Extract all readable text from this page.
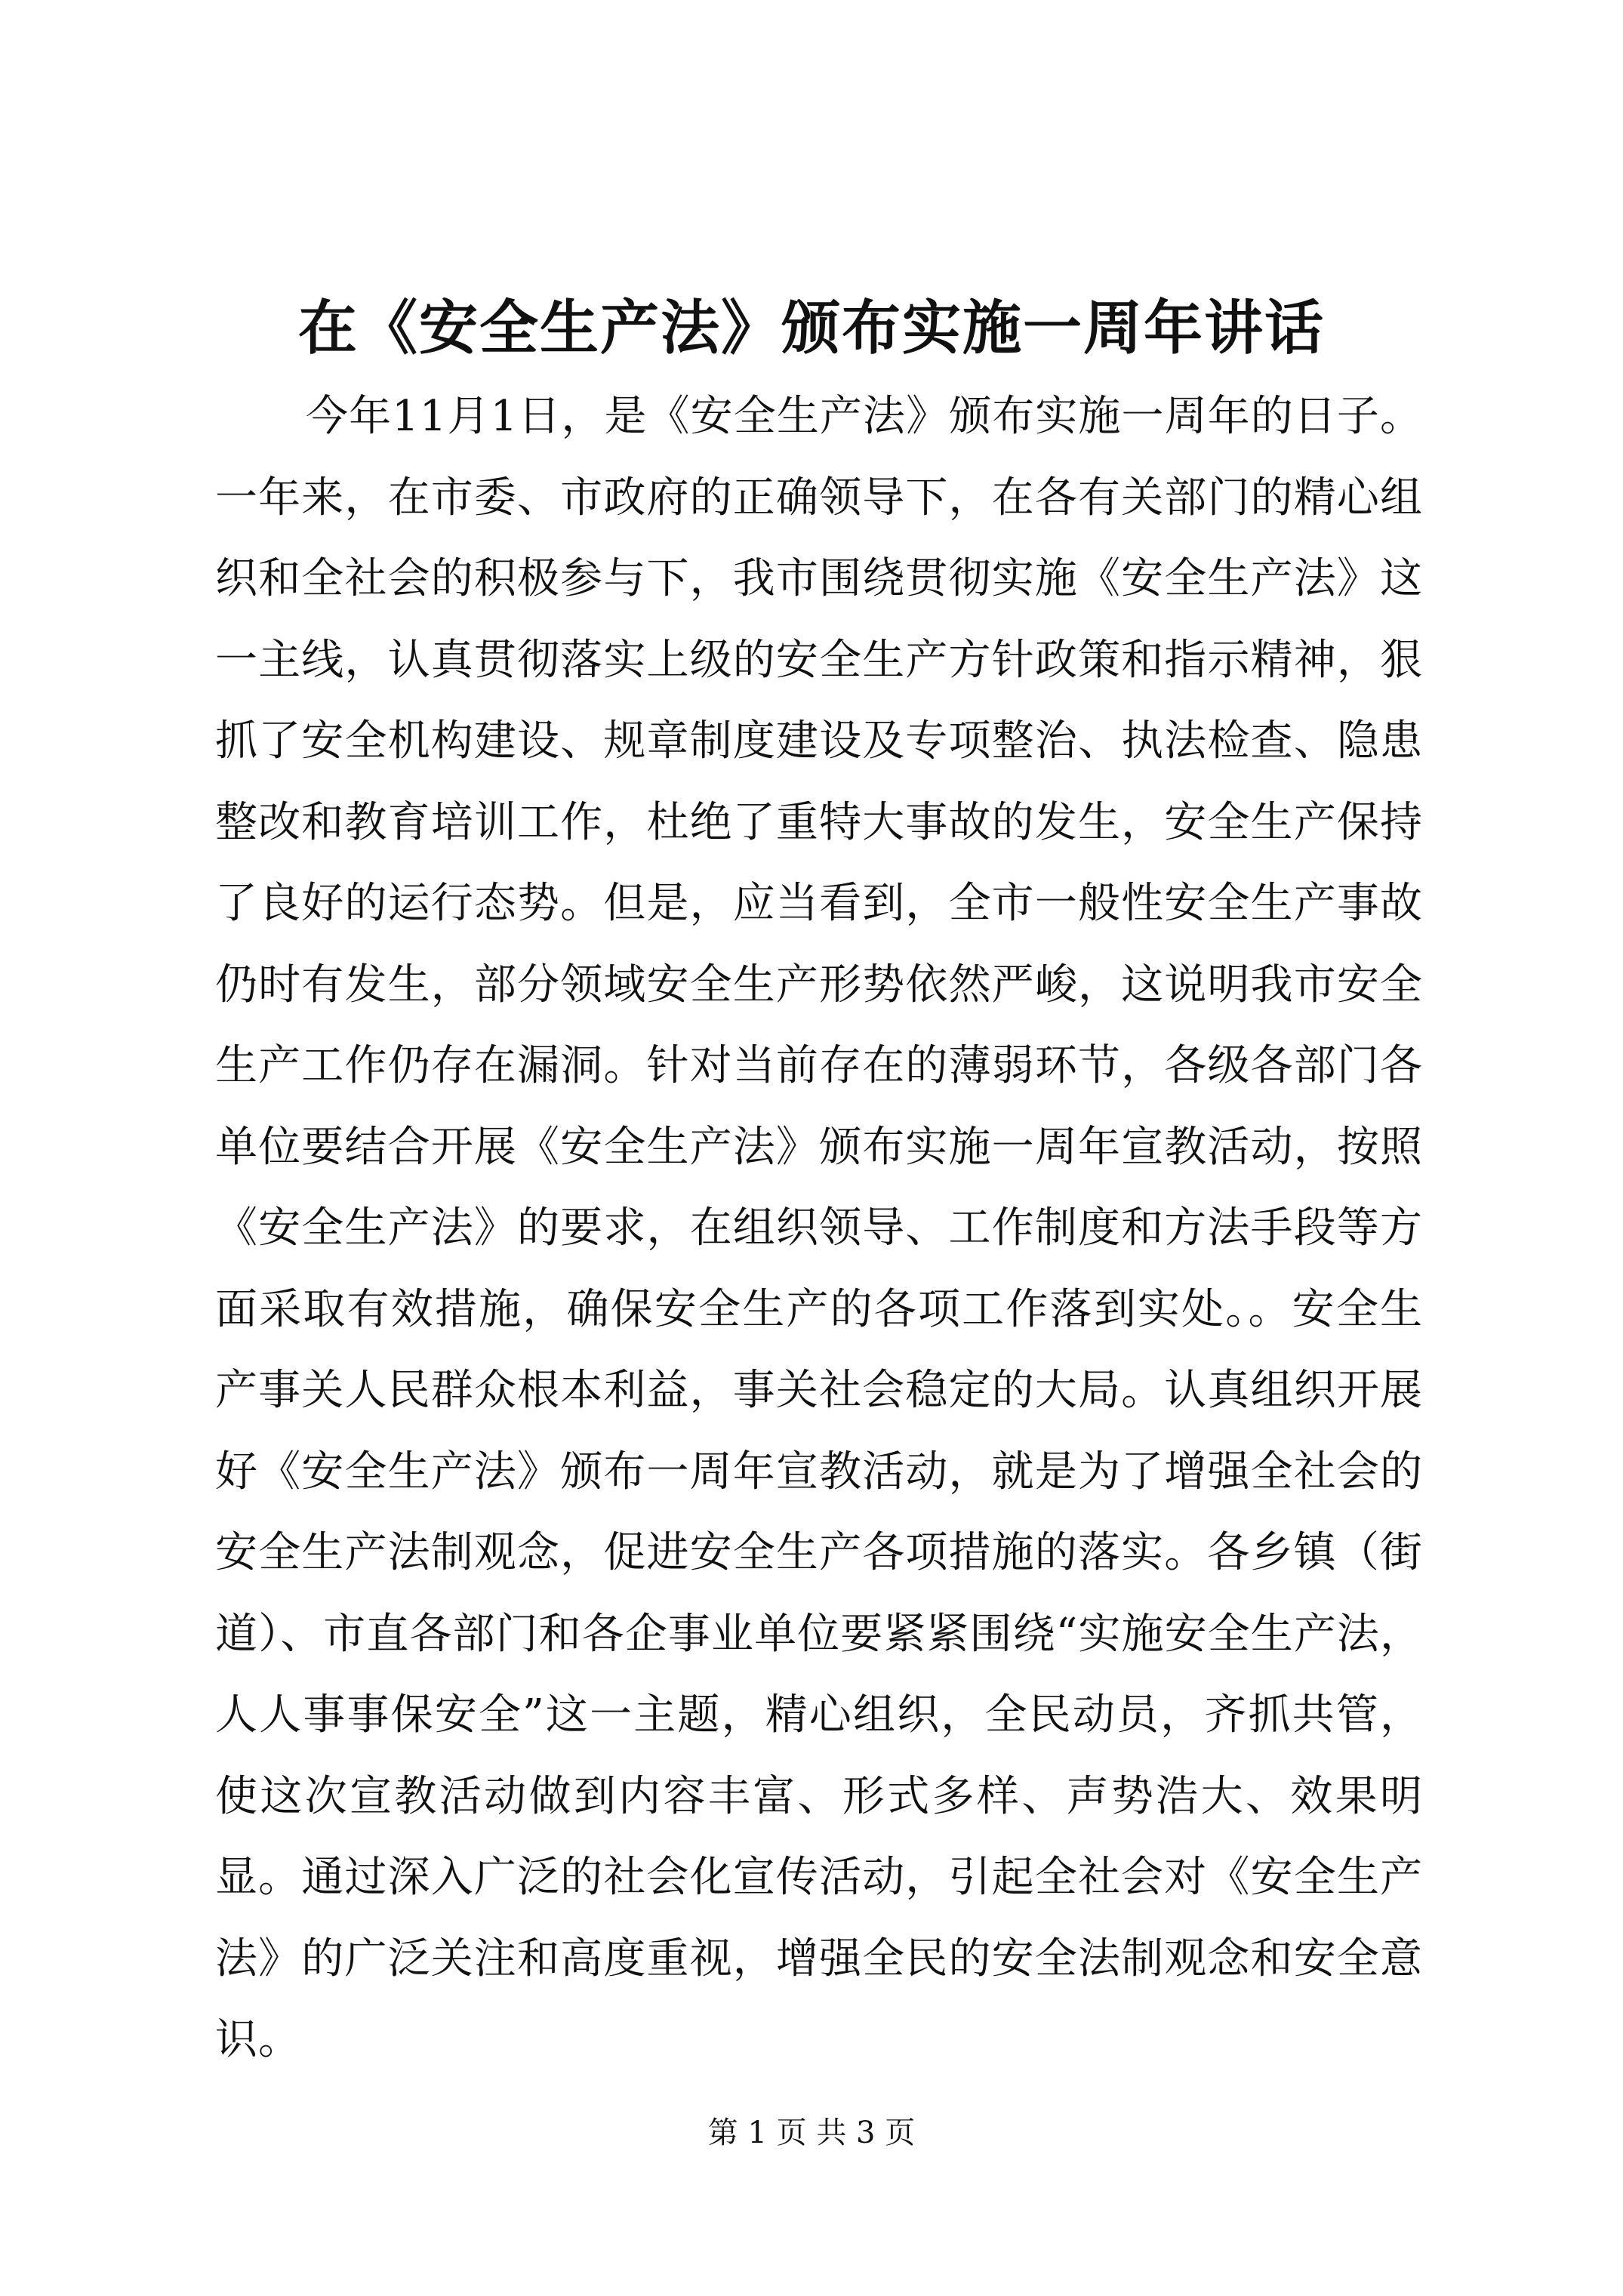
在《安全生产法》颁布实施一周年讲话

今年11月1日，是《安全生产法》颁布实施一周年的日子。一年来，在市委、市政府的正确领导下，在各有关部门的精心组织和全社会的积极参与下，我市围绕贯彻实施《安全生产法》这一主线，认真贯彻落实上级的安全生产方针政策和指示精神，狠抓了安全机构建设、规章制度建设及专项整治、执法检查、隐患整改和教育培训工作，杜绝了重特大事故的发生，安全生产保持了良好的运行态势。但是，应当看到，全市一般性安全生产事故仍时有发生，部分领域安全生产形势依然严峻，这说明我市安全生产工作仍存在漏洞。针对当前存在的薄弱环节，各级各部门各单位要结合开展《安全生产法》颁布实施一周年宣教活动，按照《安全生产法》的要求，在组织领导、工作制度和方法手段等方面采取有效措施，确保安全生产的各项工作落到实处。。安全生产事关人民群众根本利益，事关社会稳定的大局。认真组织开展好《安全生产法》颁布一周年宣教活动，就是为了增强全社会的安全生产法制观念，促进安全生产各项措施的落实。各乡镇（街道）、市直各部门和各企事业单位要紧紧围绕“实施安全生产法，人人事事保安全”这一主题，精心组织，全民动员，齐抓共管，使这次宣教活动做到内容丰富、形式多样、声势浩大、效果明显。通过深入广泛的社会化宣传活动，引起全社会对《安全生产法》的广泛关注和高度重视，增强全民的安全法制观念和安全意识。

第 1 页 共 3 页
